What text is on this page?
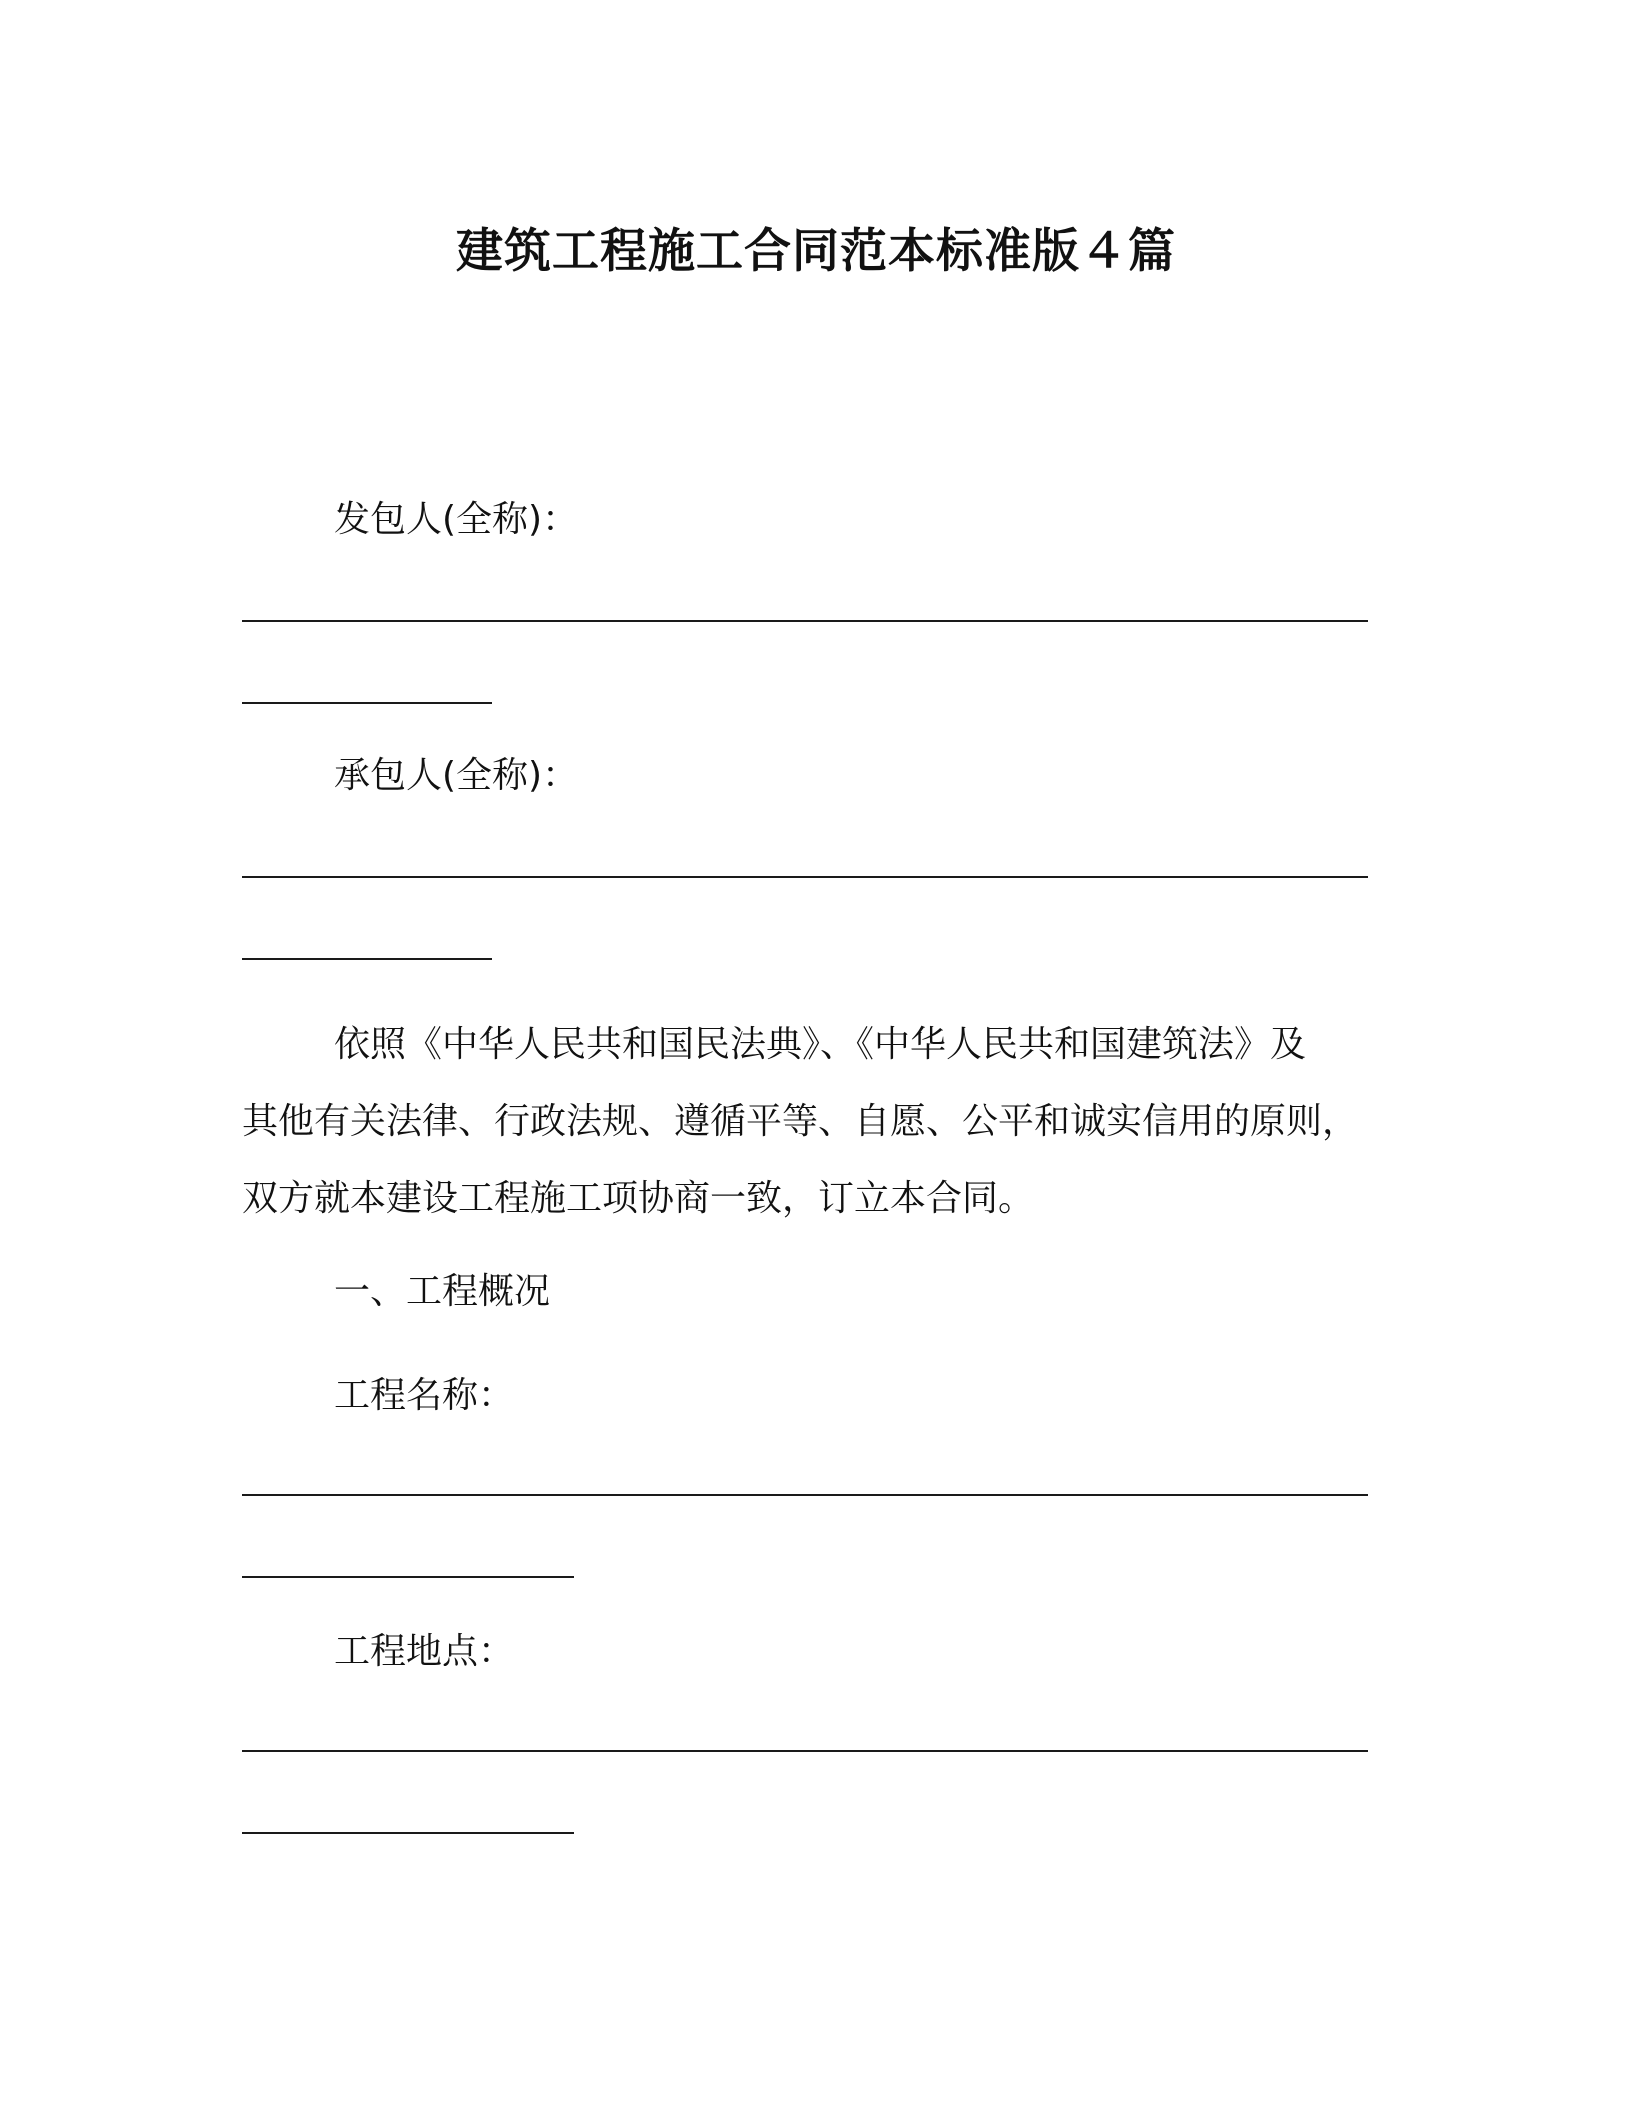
建筑工程施工合同范本标准版４篇
发包人(全称)：
承包人(全称)：
依照《中华人民共和国民法典》、《中华人民共和国建筑法》及
其他有关法律、行政法规、遵循平等、自愿、公平和诚实信用的原则，
双方就本建设工程施工项协商一致，订立本合同。
一、工程概况
工程名称：
工程地点：
